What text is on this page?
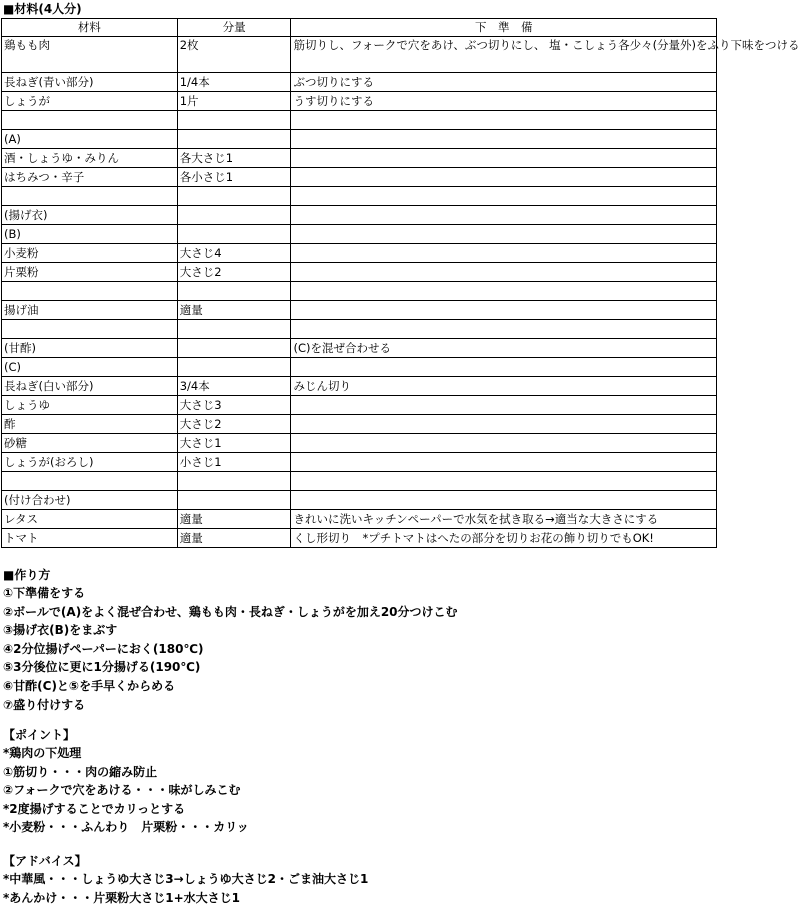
■材料(4人分)
材料	分量	下　準　備
鶏もも肉	2枚	筋切りし、フォークで穴をあけ、ぶつ切りにし、 塩・こしょう各少々(分量外)をふり下味をつける
長ねぎ(青い部分)	1/4本	ぶつ切りにする
しょうが	1片	うす切りにする

(A)		
酒・しょうゆ・みりん	各大さじ1	
はちみつ・辛子	各小さじ1	

(揚げ衣)		
(B)		
小麦粉	大さじ4	
片栗粉	大さじ2	

揚げ油	適量	

(甘酢)		(C)を混ぜ合わせる
(C)		
長ねぎ(白い部分)	3/4本	みじん切り
しょうゆ	大さじ3	
酢	大さじ2	
砂糖	大さじ1	
しょうが(おろし)	小さじ1	

(付け合わせ)		
レタス	適量	きれいに洗いキッチンペーパーで水気を拭き取る→適当な大きさにする
トマト	適量	くし形切り　*プチトマトはへたの部分を切りお花の飾り切りでもOK!
■作り方
①下準備をする
②ボールで(A)をよく混ぜ合わせ、鶏もも肉・長ねぎ・しょうがを加え20分つけこむ
③揚げ衣(B)をまぶす
④2分位揚げペーパーにおく(180℃)
⑤3分後位に更に1分揚げる(190℃)
⑥甘酢(C)と⑤を手早くからめる
⑦盛り付けする
【ポイント】
*鶏肉の下処理
①筋切り・・・肉の縮み防止
②フォークで穴をあける・・・味がしみこむ
*2度揚げすることでカリっとする
*小麦粉・・・ふんわり　片栗粉・・・カリッ
【アドバイス】
*中華風・・・しょうゆ大さじ3→しょうゆ大さじ2・ごま油大さじ1
*あんかけ・・・片栗粉大さじ1+水大さじ1
